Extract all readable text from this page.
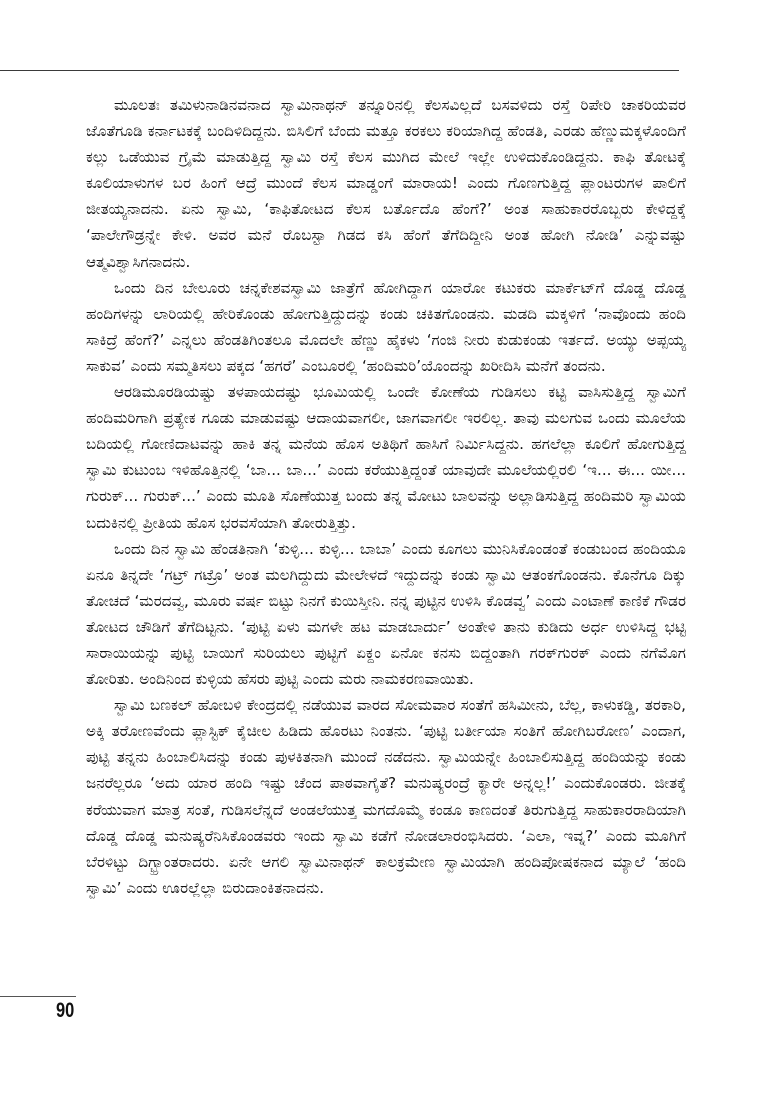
ಮೂಲತಃ ತಮಿಳುನಾಡಿನವನಾದ ಸ್ವಾಮಿನಾಥನ್ ತನ್ನೂರಿನಲ್ಲಿ ಕೆಲಸವಿಲ್ಲದೆ ಬಸವಳಿದು ರಸ್ತೆ ರಿಪೇರಿ ಚಾಕರಿಯವರ ಜೊತೆಗೂಡಿ ಕರ್ನಾಟಕಕ್ಕೆ ಬಂದಿಳಿದಿದ್ದನು. ಬಿಸಿಲಿಗೆ ಬೆಂದು ಮತ್ತೂ ಕರಕಲು ಕರಿಯಾಗಿದ್ದ ಹೆಂಡತಿ, ಎರಡು ಹೆಣ್ಣುಮಕ್ಕಳೊಂದಿಗೆ ಕಲ್ಲು ಒಡೆಯುವ ಗ್ರೈಮೆ ಮಾಡುತ್ತಿದ್ದ ಸ್ವಾಮಿ ರಸ್ತೆ ಕೆಲಸ ಮುಗಿದ ಮೇಲೆ ಇಲ್ಲೇ ಉಳಿದುಕೊಂಡಿದ್ದನು. ಕಾಫಿ ತೋಟಕ್ಕೆ ಕೂಲಿಯಾಳುಗಳ ಬರ ಹಿಂಗೆ ಆದ್ರೆ ಮುಂದೆ ಕೆಲಸ ಮಾಡ್ಡಂಗೆ ಮಾರಾಯ! ಎಂದು ಗೊಣಗುತ್ತಿದ್ದ ಪ್ಲಾಂಟರುಗಳ ಪಾಲಿಗೆ ಜೀತಯ್ಯನಾದನು. ಏನು ಸ್ವಾಮಿ, ‘ಕಾಫಿತೋಟದ ಕೆಲಸ ಬರ್ತೊದೊ ಹೆಂಗೆ?’ ಅಂತ ಸಾಹುಕಾರರೊಬ್ಬರು ಕೇಳಿದ್ದಕ್ಕೆ ‘ಪಾಲೇಗೌಡ್ರನ್ನೇ ಕೇಳಿ. ಅವರ ಮನೆ ರೊಬಸ್ಟಾ ಗಿಡದ ಕಸಿ ಹೆಂಗೆ ತೆಗೆದಿದ್ದೀನಿ ಅಂತ ಹೋಗಿ ನೋಡಿ’ ಎನ್ನುವಷ್ಟು ಆತ್ಮವಿಶ್ವಾಸಿಗನಾದನು.

ಒಂದು ದಿನ ಬೇಲೂರು ಚನ್ನಕೇಶವಸ್ವಾಮಿ ಜಾತ್ರೆಗೆ ಹೋಗಿದ್ದಾಗ ಯಾರೋ ಕಟುಕರು ಮಾರ್ಕೆಟ್‌ಗೆ ದೊಡ್ಡ ದೊಡ್ಡ ಹಂದಿಗಳನ್ನು ಲಾರಿಯಲ್ಲಿ ಹೇರಿಕೊಂಡು ಹೋಗುತ್ತಿದ್ದುದನ್ನು ಕಂಡು ಚಕಿತಗೊಂಡನು. ಮಡದಿ ಮಕ್ಕಳಿಗೆ ‘ನಾವೊಂದು ಹಂದಿ ಸಾಕಿದ್ರೆ ಹೆಂಗೆ?’ ಎನ್ನಲು ಹೆಂಡತಿಗಿಂತಲೂ ಮೊದಲೇ ಹೆಣ್ಣು ಹೈಕಳು ‘ಗಂಜಿ ನೀರು ಕುಡುಕಂಡು ಇರ್ತದೆ. ಅಯ್ಯು ಅಪ್ಪಯ್ಯ ಸಾಕುವ’ ಎಂದು ಸಮ್ಮತಿಸಲು ಪಕ್ಕದ ‘ಹಗರೆ’ ಎಂಬೂರಲ್ಲಿ ‘ಹಂದಿಮರಿ’ಯೊಂದನ್ನು ಖರೀದಿಸಿ ಮನೆಗೆ ತಂದನು.

ಆರಡಿಮೂರಡಿಯಷ್ಟು ತಳಪಾಯದಷ್ಟು ಭೂಮಿಯಲ್ಲಿ ಒಂದೇ ಕೋಣೆಯ ಗುಡಿಸಲು ಕಟ್ಟಿ ವಾಸಿಸುತ್ತಿದ್ದ ಸ್ವಾಮಿಗೆ ಹಂದಿಮರಿಗಾಗಿ ಪ್ರತ್ಯೇಕ ಗೂಡು ಮಾಡುವಷ್ಟು ಆದಾಯವಾಗಲೀ, ಜಾಗವಾಗಲೀ ಇರಲಿಲ್ಲ. ತಾವು ಮಲಗುವ ಒಂದು ಮೂಲೆಯ ಬದಿಯಲ್ಲಿ ಗೋಣಿದಾಟವನ್ನು ಹಾಕಿ ತನ್ನ ಮನೆಯ ಹೊಸ ಅತಿಥಿಗೆ ಹಾಸಿಗೆ ನಿರ್ಮಿಸಿದ್ದನು. ಹಗಲೆಲ್ಲಾ ಕೂಲಿಗೆ ಹೋಗುತ್ತಿದ್ದ ಸ್ವಾಮಿ ಕುಟುಂಬ ಇಳಿಹೊತ್ತಿನಲ್ಲಿ ‘ಬಾ... ಬಾ...’ ಎಂದು ಕರೆಯುತ್ತಿದ್ದಂತೆ ಯಾವುದೇ ಮೂಲೆಯಲ್ಲಿರಲಿ ‘ಇ... ಈ... ಯೀ... ಗುರುಕ್... ಗುರುಕ್...’ ಎಂದು ಮೂತಿ ಸೊಣೆಯುತ್ತ ಬಂದು ತನ್ನ ಮೋಟು ಬಾಲವನ್ನು ಅಲ್ಲಾಡಿಸುತ್ತಿದ್ದ ಹಂದಿಮರಿ ಸ್ವಾಮಿಯ ಬದುಕಿನಲ್ಲಿ ಪ್ರೀತಿಯ ಹೊಸ ಭರವಸೆಯಾಗಿ ತೋರುತ್ತಿತ್ತು.

ಒಂದು ದಿನ ಸ್ವಾಮಿ ಹೆಂಡತಿನಾಗಿ ‘ಕುಳ್ಳಿ... ಕುಳ್ಳಿ... ಬಾಬಾ’ ಎಂದು ಕೂಗಲು ಮುನಿಸಿಕೊಂಡಂತೆ ಕಂಡುಬಂದ ಹಂದಿಯೂ ಏನೂ ತಿನ್ನದೇ ‘ಗಟ್ರ್ ಗಟ್ರೊ’ ಅಂತ ಮಲಗಿದ್ದುದು ಮೇಲೇಳದೆ ಇದ್ದುದನ್ನು ಕಂಡು ಸ್ವಾಮಿ ಆತಂಕಗೊಂಡನು. ಕೊನೆಗೂ ದಿಕ್ಕು ತೋಚದೆ ‘ಮರದವ್ವ, ಮೂರು ವರ್ಷ ಬಿಟ್ಟು ನಿನಗೆ ಕುಯಿಸ್ತೀನಿ. ನನ್ನ ಪುಟ್ಟಿನ ಉಳಿಸಿ ಕೊಡವ್ವ’ ಎಂದು ಎಂಟಾಣೆ ಕಾಣಿಕೆ ಗೌಡರ ತೋಟದ ಚೌಡಿಗೆ ತೆಗೆದಿಟ್ಟನು. ‘ಪುಟ್ಟಿ ಏಳು ಮಗಳೇ ಹಟ ಮಾಡಬಾರ್ದು’ ಅಂತೇಳಿ ತಾನು ಕುಡಿದು ಅರ್ಧ ಉಳಿಸಿದ್ದ ಭಟ್ಟಿ ಸಾರಾಯಿಯನ್ನು ಪುಟ್ಟಿ ಬಾಯಿಗೆ ಸುರಿಯಲು ಪುಟ್ಟಿಗೆ ಏಕ್ದಂ ಏನೋ ಕನಸು ಬಿದ್ದಂತಾಗಿ ಗರಕ್‌ಗುರಕ್ ಎಂದು ನಗೆಮೊಗ ತೋರಿತು. ಅಂದಿನಿಂದ ಕುಳ್ಳಿಯ ಹೆಸರು ಪುಟ್ಟಿ ಎಂದು ಮರು ನಾಮಕರಣವಾಯಿತು.

ಸ್ವಾಮಿ ಬಣಕಲ್ ಹೋಬಳಿ ಕೇಂದ್ರದಲ್ಲಿ ನಡೆಯುವ ವಾರದ ಸೋಮವಾರ ಸಂತೆಗೆ ಹಸಿಮೀನು, ಬೆಲ್ಲ, ಕಾಳುಕಡ್ಡಿ, ತರಕಾರಿ, ಅಕ್ಕಿ ತರೋಣವೆಂದು ಪ್ಲಾಸ್ಟಿಕ್ ಕೈಚೀಲ ಹಿಡಿದು ಹೊರಟು ನಿಂತನು. ‘ಪುಟ್ಟಿ ಬರ್ತೀಯಾ ಸಂತಿಗೆ ಹೋಗಿಬರೋಣ’ ಎಂದಾಗ, ಪುಟ್ಟಿ ತನ್ನನು ಹಿಂಬಾಲಿಸಿದನ್ನು ಕಂಡು ಪುಳಕಿತನಾಗಿ ಮುಂದೆ ನಡೆದನು. ಸ್ವಾಮಿಯನ್ನೇ ಹಿಂಬಾಲಿಸುತ್ತಿದ್ದ ಹಂದಿಯನ್ನು ಕಂಡು ಜನರೆಲ್ಲರೂ ‘ಅದು ಯಾರ ಹಂದಿ ಇಷ್ಟು ಚೆಂದ ಪಾಠವಾಗೈತೆ? ಮನುಷ್ಯರಂದ್ರೆ ಕ್ಯಾರೇ ಅನ್ನಲ್ಲ!’ ಎಂದುಕೊಂಡರು. ಜೀತಕ್ಕೆ ಕರೆಯುವಾಗ ಮಾತ್ರ ಸಂತೆ, ಗುಡಿಸಲೆನ್ನದೆ ಅಂಡಲೆಯುತ್ತ ಮಗದೊಮ್ಮೆ ಕಂಡೂ ಕಾಣದಂತೆ ತಿರುಗುತ್ತಿದ್ದ ಸಾಹುಕಾರರಾದಿಯಾಗಿ ದೊಡ್ಡ ದೊಡ್ಡ ಮನುಷ್ಯರೆನಿಸಿಕೊಂಡವರು ಇಂದು ಸ್ವಾಮಿ ಕಡೆಗೆ ನೋಡಲಾರಂಭಿಸಿದರು. ‘ಎಲಾ, ಇವ್ನ?’ ಎಂದು ಮೂಗಿಗೆ ಬೆರಳಿಟ್ಟು ದಿಗ್ಭ್ರಾಂತರಾದರು. ಏನೇ ಆಗಲಿ ಸ್ವಾಮಿನಾಥನ್ ಕಾಲಕ್ರಮೇಣ ಸ್ವಾಮಿಯಾಗಿ ಹಂದಿಪೋಷಕನಾದ ಮ್ಯಾಲೆ ‘ಹಂದಿ ಸ್ವಾಮಿ’ ಎಂದು ಊರಲ್ಲೆಲ್ಲಾ ಬಿರುದಾಂಕಿತನಾದನು.

90
